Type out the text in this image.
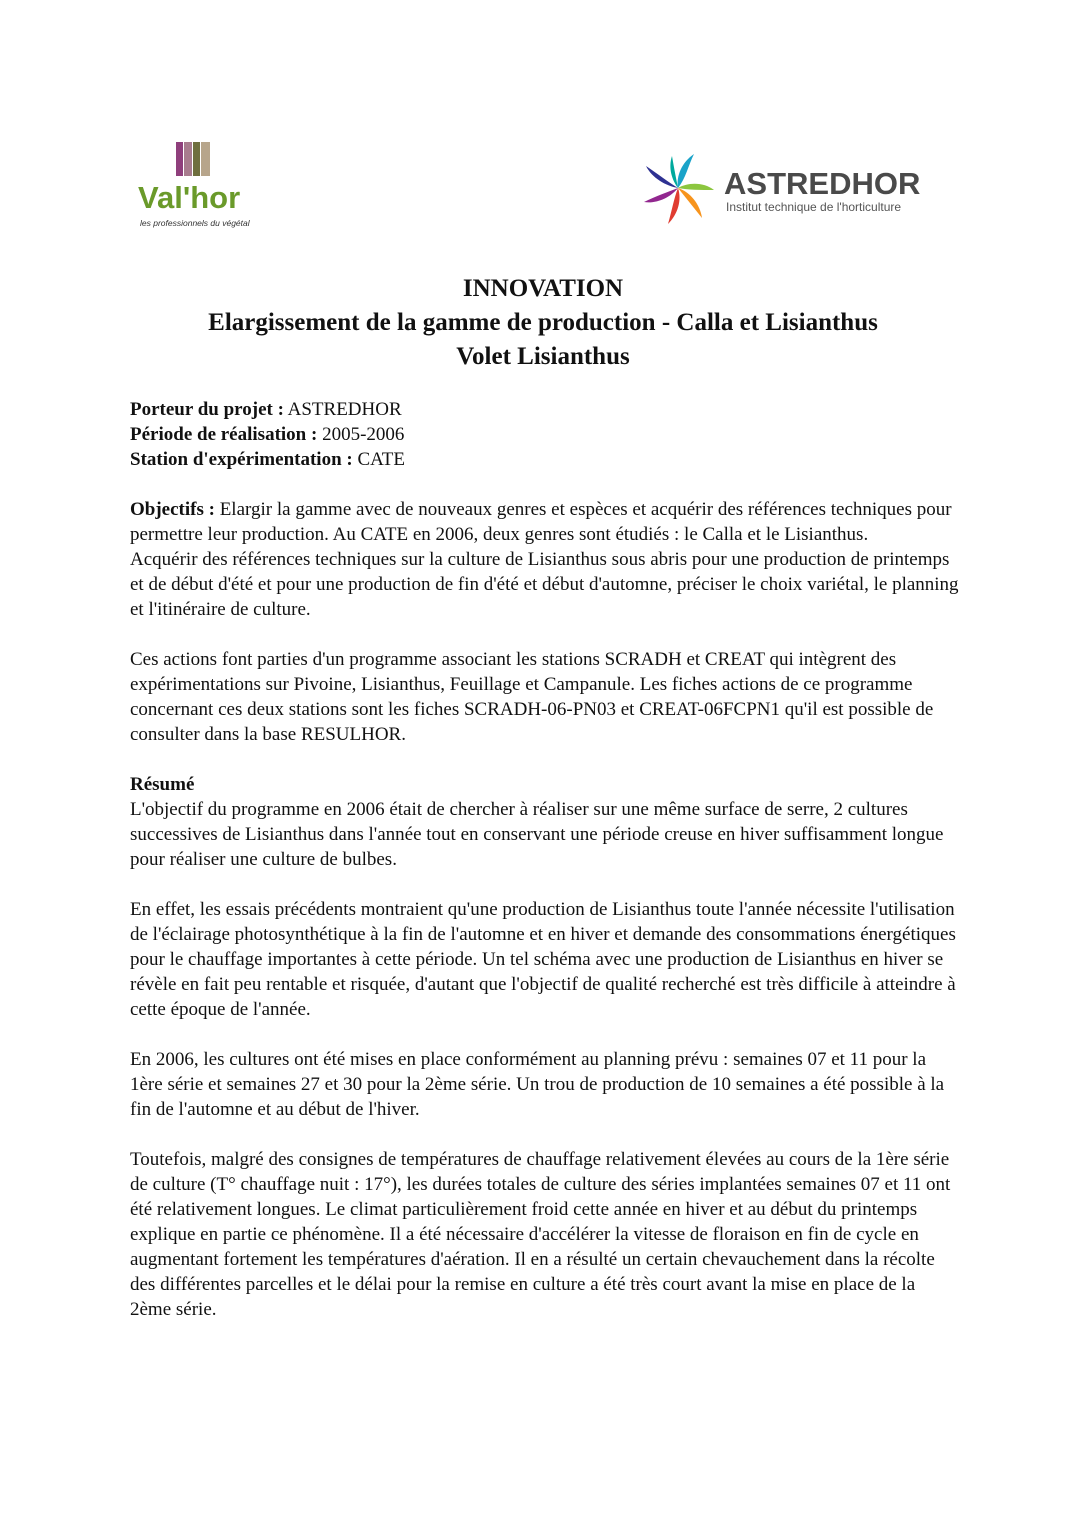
Val'hor
les professionnels du végétal
ASTREDHOR
Institut technique de l'horticulture
INNOVATION
Elargissement de la gamme de production - Calla et Lisianthus
Volet Lisianthus

Porteur du projet : ASTREDHOR
Période de réalisation : 2005-2006
Station d'expérimentation : CATE

Objectifs : Elargir la gamme avec de nouveaux genres et espèces et acquérir des références techniques pour permettre leur production. Au CATE en 2006, deux genres sont étudiés : le Calla et le Lisianthus.
Acquérir des références techniques sur la culture de Lisianthus sous abris pour une production de printemps et de début d'été et pour une production de fin d'été et début d'automne, préciser le choix variétal, le planning et l'itinéraire de culture.

Ces actions font parties d'un programme associant les stations SCRADH et CREAT qui intègrent des expérimentations sur Pivoine, Lisianthus, Feuillage et Campanule. Les fiches actions de ce programme concernant ces deux stations sont les fiches SCRADH-06-PN03 et CREAT-06FCPN1 qu'il est possible de consulter dans la base RESULHOR.

Résumé
L'objectif du programme en 2006 était de chercher à réaliser sur une même surface de serre, 2 cultures successives de Lisianthus dans l'année tout en conservant une période creuse en hiver suffisamment longue pour réaliser une culture de bulbes.

En effet, les essais précédents montraient qu'une production de Lisianthus toute l'année nécessite l'utilisation de l'éclairage photosynthétique à la fin de l'automne et en hiver et demande des consommations énergétiques pour le chauffage importantes à cette période. Un tel schéma avec une production de Lisianthus en hiver se révèle en fait peu rentable et risquée, d'autant que l'objectif de qualité recherché est très difficile à atteindre à cette époque de l'année.

En 2006, les cultures ont été mises en place conformément au planning prévu : semaines 07 et 11 pour la 1ère série et semaines 27 et 30 pour la 2ème série. Un trou de production de 10 semaines a été possible à la fin de l'automne et au début de l'hiver.

Toutefois, malgré des consignes de températures de chauffage relativement élevées au cours de la 1ère série de culture (T° chauffage nuit : 17°), les durées totales de culture des séries implantées semaines 07 et 11 ont été relativement longues. Le climat particulièrement froid cette année en hiver et au début du printemps explique en partie ce phénomène. Il a été nécessaire d'accélérer la vitesse de floraison en fin de cycle en augmentant fortement les températures d'aération. Il en a résulté un certain chevauchement dans la récolte des différentes parcelles et le délai pour la remise en culture a été très court avant la mise en place de la 2ème série.
